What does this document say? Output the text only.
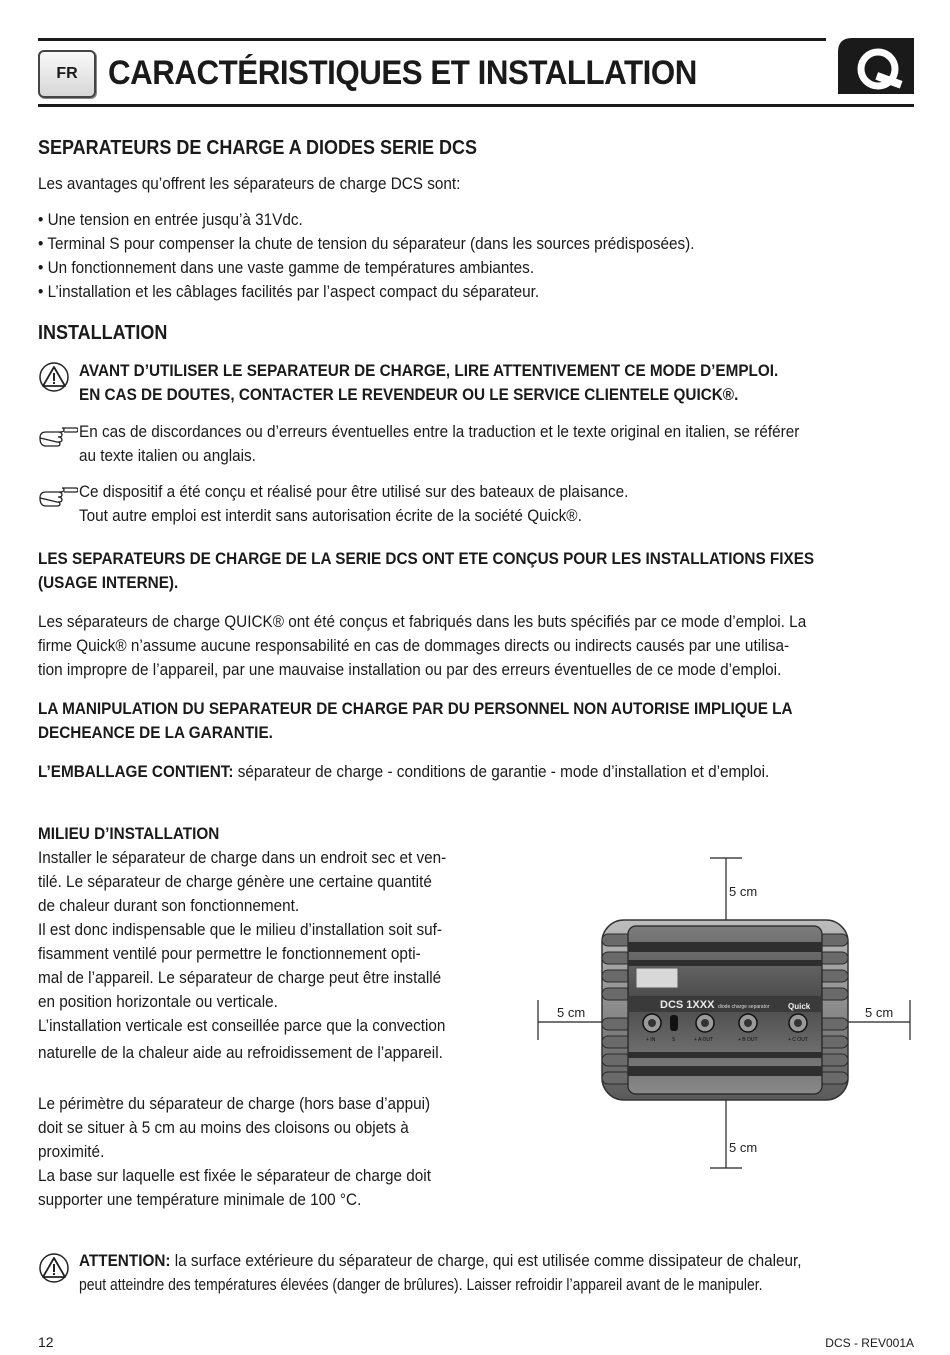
FR CARACTÉRISTIQUES ET INSTALLATION
SEPARATEURS DE CHARGE A DIODES SERIE DCS
Les avantages qu’offrent les séparateurs de charge DCS sont:
• Une tension en entrée jusqu’à 31Vdc.
• Terminal S pour compenser la chute de tension du séparateur (dans les sources prédisposées).
• Un fonctionnement dans une vaste gamme de températures ambiantes.
• L’installation et les câblages facilités par l’aspect compact du séparateur.
INSTALLATION
AVANT D’UTILISER LE SEPARATEUR DE CHARGE, LIRE ATTENTIVEMENT CE MODE D’EMPLOI.
EN CAS DE DOUTES, CONTACTER LE REVENDEUR OU LE SERVICE CLIENTELE QUICK®.
En cas de discordances ou d’erreurs éventuelles entre la traduction et le texte original en italien, se référer
au texte italien ou anglais.
Ce dispositif a été conçu et réalisé pour être utilisé sur des bateaux de plaisance.
Tout autre emploi est interdit sans autorisation écrite de la société Quick®.
LES SEPARATEURS DE CHARGE DE LA SERIE DCS ONT ETE CONÇUS POUR LES INSTALLATIONS FIXES
(USAGE INTERNE).
Les séparateurs de charge QUICK® ont été conçus et fabriqués dans les buts spécifiés par ce mode d’emploi. La
firme Quick® n’assume aucune responsabilité en cas de dommages directs ou indirects causés par une utilisa-
tion impropre de l’appareil, par une mauvaise installation ou par des erreurs éventuelles de ce mode d’emploi.
LA MANIPULATION DU SEPARATEUR DE CHARGE PAR DU PERSONNEL NON AUTORISE IMPLIQUE LA
DECHEANCE DE LA GARANTIE.
L’EMBALLAGE CONTIENT: séparateur de charge - conditions de garantie - mode d’installation et d’emploi.
MILIEU D’INSTALLATION
Installer le séparateur de charge dans un endroit sec et ven-
tilé. Le séparateur de charge génère une certaine quantité
de chaleur durant son fonctionnement.
Il est donc indispensable que le milieu d’installation soit suf-
fisamment ventilé pour permettre le fonctionnement opti-
mal de l’appareil. Le séparateur de charge peut être installé
en position horizontale ou verticale.
L’installation verticale est conseillée parce que la convection
naturelle de la chaleur aide au refroidissement de l’appareil.
Le périmètre du séparateur de charge (hors base d’appui)
doit se situer à 5 cm au moins des cloisons ou objets à
proximité.
La base sur laquelle est fixée le séparateur de charge doit
supporter une température minimale de 100 °C.
DCS 1XXX diode charge separator Quick
+ IN	S	+ A OUT	+ B OUT	+ C OUT
5 cm
5 cm	5 cm
5 cm
ATTENTION: la surface extérieure du séparateur de charge, qui est utilisée comme dissipateur de chaleur,
peut atteindre des températures élevées (danger de brûlures). Laisser refroidir l’appareil avant de le manipuler.
12	DCS - REV001A
